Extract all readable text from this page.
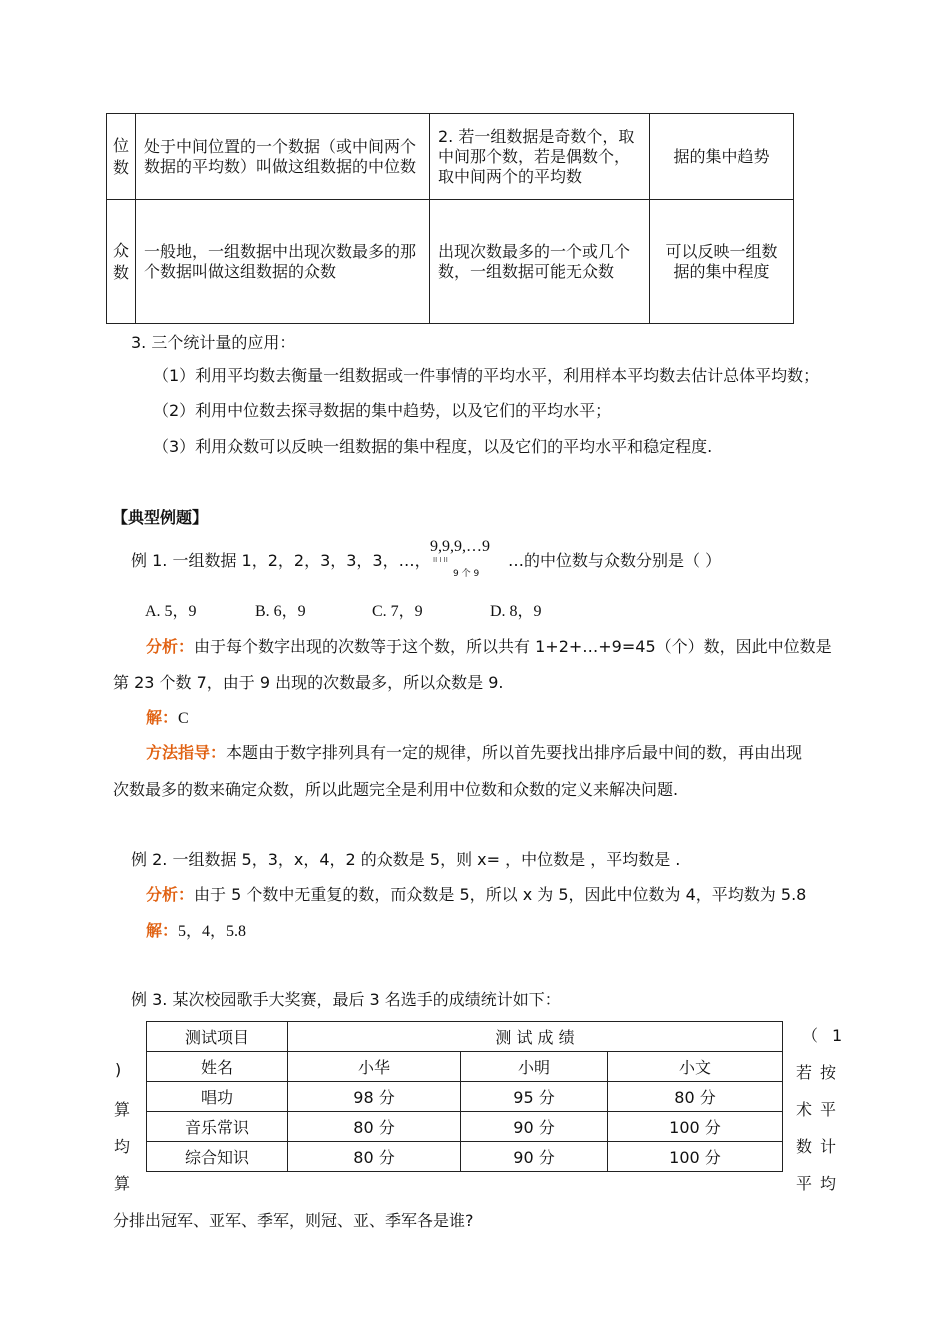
位数	处于中间位置的一个数据（或中间两个数据的平均数）叫做这组数据的中位数	2. 若一组数据是奇数个，取中间那个数，若是偶数个，取中间两个的平均数	据的集中趋势
众数	一般地，一组数据中出现次数最多的那个数据叫做这组数据的众数	出现次数最多的一个或几个数，一组数据可能无众数	可以反映一组数据的集中程度
3. 三个统计量的应用：
（1）利用平均数去衡量一组数据或一件事情的平均水平，利用样本平均数去估计总体平均数；
（2）利用中位数去探寻数据的集中趋势，以及它们的平均水平；
（3）利用众数可以反映一组数据的集中程度，以及它们的平均水平和稳定程度.
【典型例题】
例 1. 一组数据 1，2，2，3，3，3，…，
9,9,9,…9
ⅠⅠ Ⅰ ⅠⅠ
9 个 9
…的中位数与众数分别是（ ）
A. 5，9	B. 6，9	C. 7，9	D. 8，9
分析：由于每个数字出现的次数等于这个数，所以共有 1+2+…+9=45（个）数，因此中位数是
第 23 个数 7，由于 9 出现的次数最多，所以众数是 9.
解：C
方法指导：本题由于数字排列具有一定的规律，所以首先要找出排序后最中间的数，再由出现
次数最多的数来确定众数，所以此题完全是利用中位数和众数的定义来解决问题.
例 2. 一组数据 5，3，x，4，2 的众数是 5，则 x= ，中位数是 ，平均数是 .
分析：由于 5 个数中无重复的数，而众数是 5，所以 x 为 5，因此中位数为 4，平均数为 5.8
解：5，4，5.8
例 3. 某次校园歌手大奖赛，最后 3 名选手的成绩统计如下：
测试项目	测 试 成 绩		
姓名	小华	小明	小文
唱功	98 分	95 分	80 分
音乐常识	80 分	90 分	100 分
综合知识	80 分	90 分	100 分
)
算
均
算
（1
若按
术平
数计
平均
分排出冠军、亚军、季军，则冠、亚、季军各是谁?
